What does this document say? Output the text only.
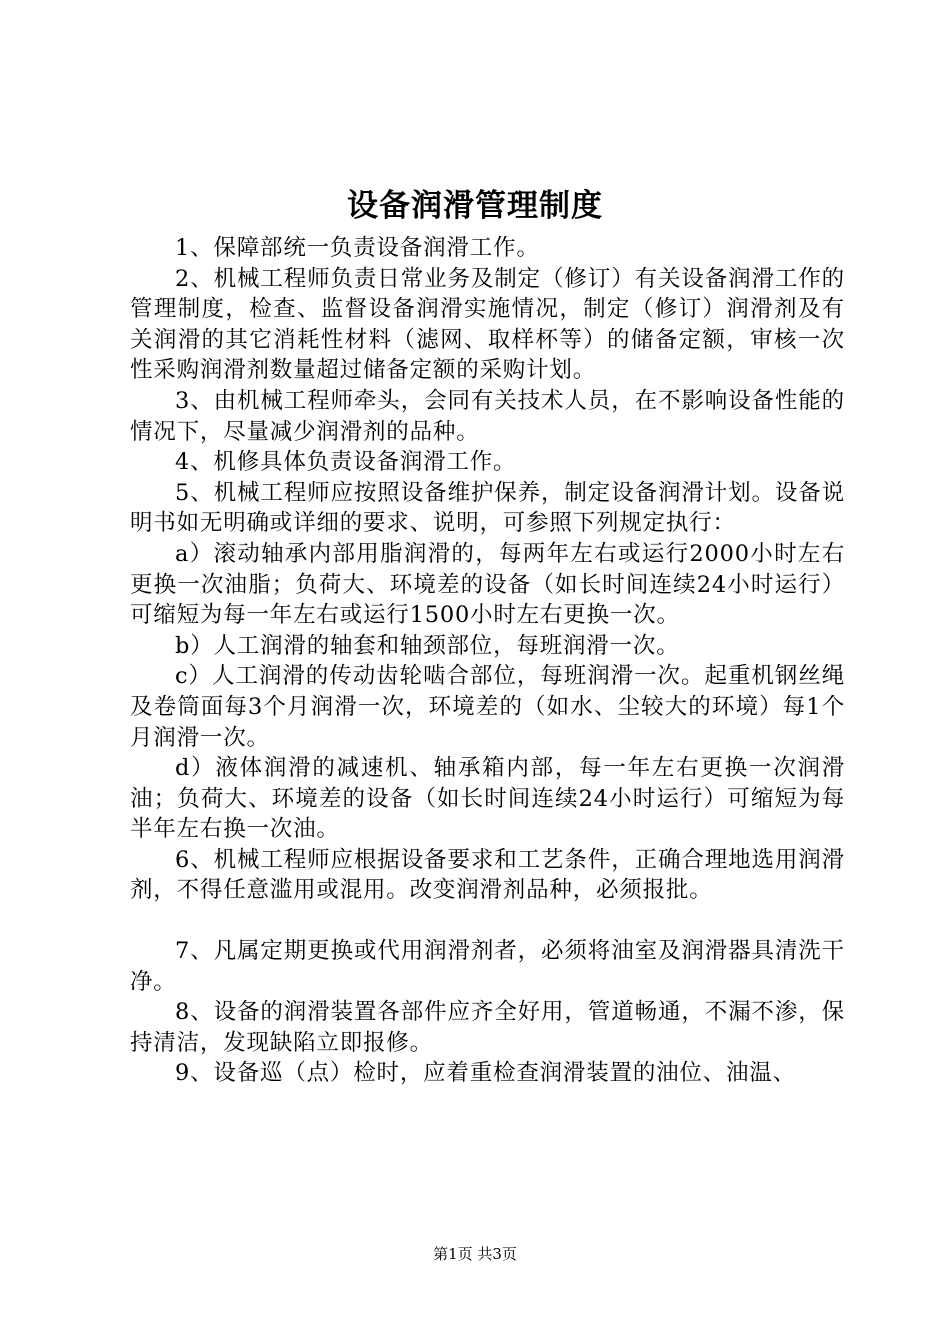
设备润滑管理制度

1、保障部统一负责设备润滑工作。

2、机械工程师负责日常业务及制定（修订）有关设备润滑工作的管理制度，检查、监督设备润滑实施情况，制定（修订）润滑剂及有关润滑的其它消耗性材料（滤网、取样杯等）的储备定额，审核一次性采购润滑剂数量超过储备定额的采购计划。

3、由机械工程师牵头，会同有关技术人员，在不影响设备性能的情况下，尽量减少润滑剂的品种。

4、机修具体负责设备润滑工作。

5、机械工程师应按照设备维护保养，制定设备润滑计划。设备说明书如无明确或详细的要求、说明，可参照下列规定执行：

a）滚动轴承内部用脂润滑的，每两年左右或运行2000小时左右更换一次油脂；负荷大、环境差的设备（如长时间连续24小时运行）可缩短为每一年左右或运行1500小时左右更换一次。

b）人工润滑的轴套和轴颈部位，每班润滑一次。

c）人工润滑的传动齿轮啮合部位，每班润滑一次。起重机钢丝绳及卷筒面每3个月润滑一次，环境差的（如水、尘较大的环境）每1个月润滑一次。

d）液体润滑的减速机、轴承箱内部，每一年左右更换一次润滑油；负荷大、环境差的设备（如长时间连续24小时运行）可缩短为每半年左右换一次油。

6、机械工程师应根据设备要求和工艺条件，正确合理地选用润滑剂，不得任意滥用或混用。改变润滑剂品种，必须报批。

7、凡属定期更换或代用润滑剂者，必须将油室及润滑器具清洗干净。

8、设备的润滑装置各部件应齐全好用，管道畅通，不漏不渗，保持清洁，发现缺陷立即报修。

9、设备巡（点）检时，应着重检查润滑装置的油位、油温、

第1页 共3页
